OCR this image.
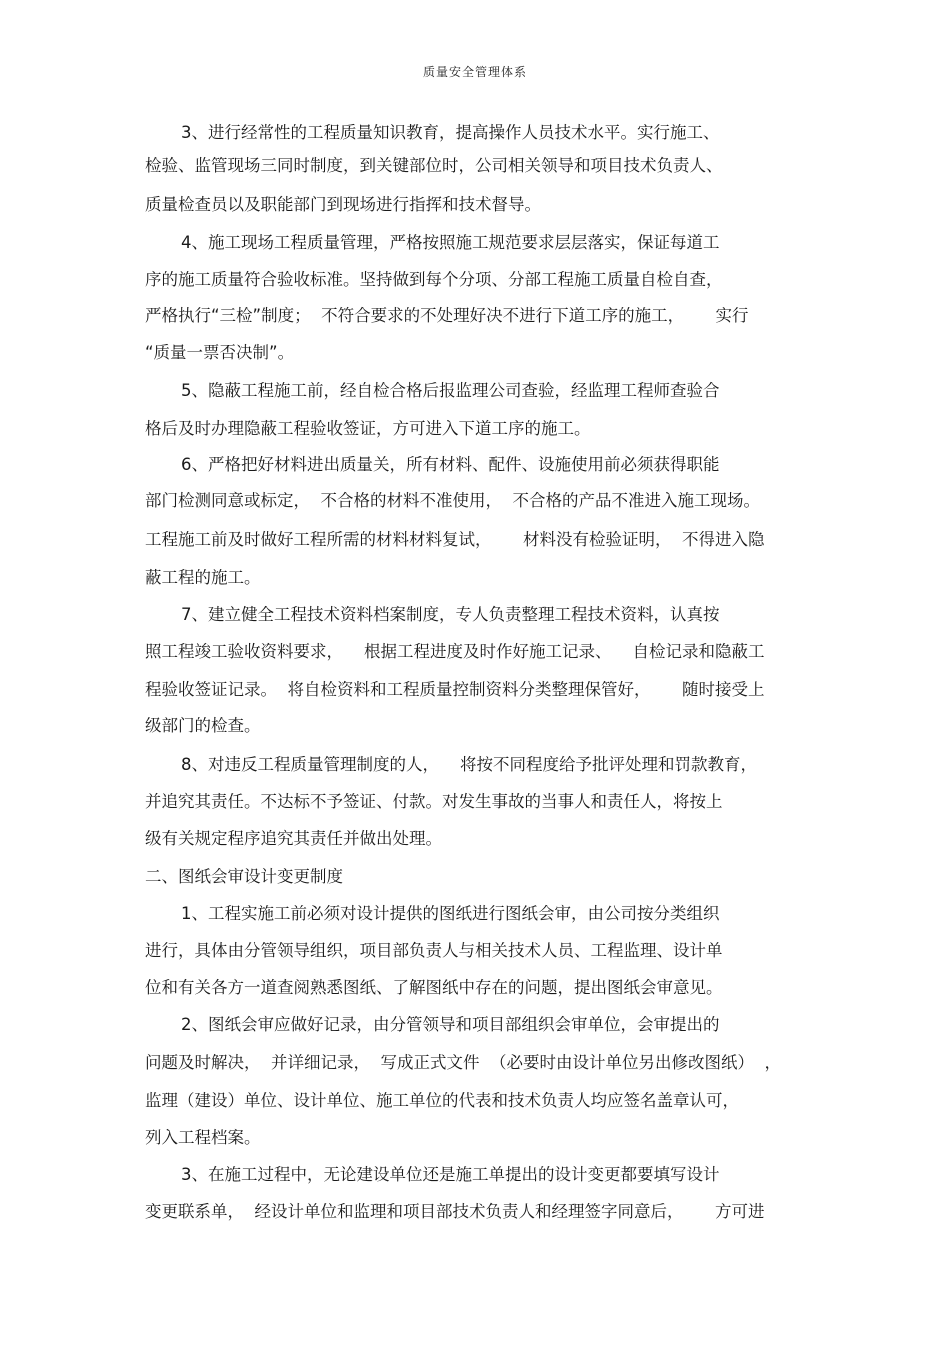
质量安全管理体系
3、进行经常性的工程质量知识教育，提高操作人员技术水平。实行施工、
检验、监管现场三同时制度，到关键部位时，公司相关领导和项目技术负责人、
质量检查员以及职能部门到现场进行指挥和技术督导。
4、施工现场工程质量管理，严格按照施工规范要求层层落实，保证每道工
序的施工质量符合验收标准。坚持做到每个分项、分部工程施工质量自检自查，
严格执行“三检”制度；  不符合要求的不处理好决不进行下道工序的施工，      实行
“质量一票否决制”。
5、隐蔽工程施工前，经自检合格后报监理公司查验，经监理工程师查验合
格后及时办理隐蔽工程验收签证，方可进入下道工序的施工。
6、严格把好材料进出质量关，所有材料、配件、设施使用前必须获得职能
部门检测同意或标定，  不合格的材料不准使用，  不合格的产品不准进入施工现场。
工程施工前及时做好工程所需的材料材料复试，      材料没有检验证明，  不得进入隐
蔽工程的施工。
7、建立健全工程技术资料档案制度，专人负责整理工程技术资料，认真按
照工程竣工验收资料要求，    根据工程进度及时作好施工记录、    自检记录和隐蔽工
程验收签证记录。  将自检资料和工程质量控制资料分类整理保管好，      随时接受上
级部门的检查。
8、对违反工程质量管理制度的人，    将按不同程度给予批评处理和罚款教育，
并追究其责任。不达标不予签证、付款。对发生事故的当事人和责任人，将按上
级有关规定程序追究其责任并做出处理。
二、图纸会审设计变更制度
1、工程实施工前必须对设计提供的图纸进行图纸会审，由公司按分类组织
进行，具体由分管领导组织，项目部负责人与相关技术人员、工程监理、设计单
位和有关各方一道查阅熟悉图纸、了解图纸中存在的问题，提出图纸会审意见。
2、图纸会审应做好记录，由分管领导和项目部组织会审单位，会审提出的
问题及时解决，  并详细记录，  写成正式文件  （必要时由设计单位另出修改图纸）  ，
监理（建设）单位、设计单位、施工单位的代表和技术负责人均应签名盖章认可，
列入工程档案。
3、在施工过程中，无论建设单位还是施工单提出的设计变更都要填写设计
变更联系单，  经设计单位和监理和项目部技术负责人和经理签字同意后，      方可进
